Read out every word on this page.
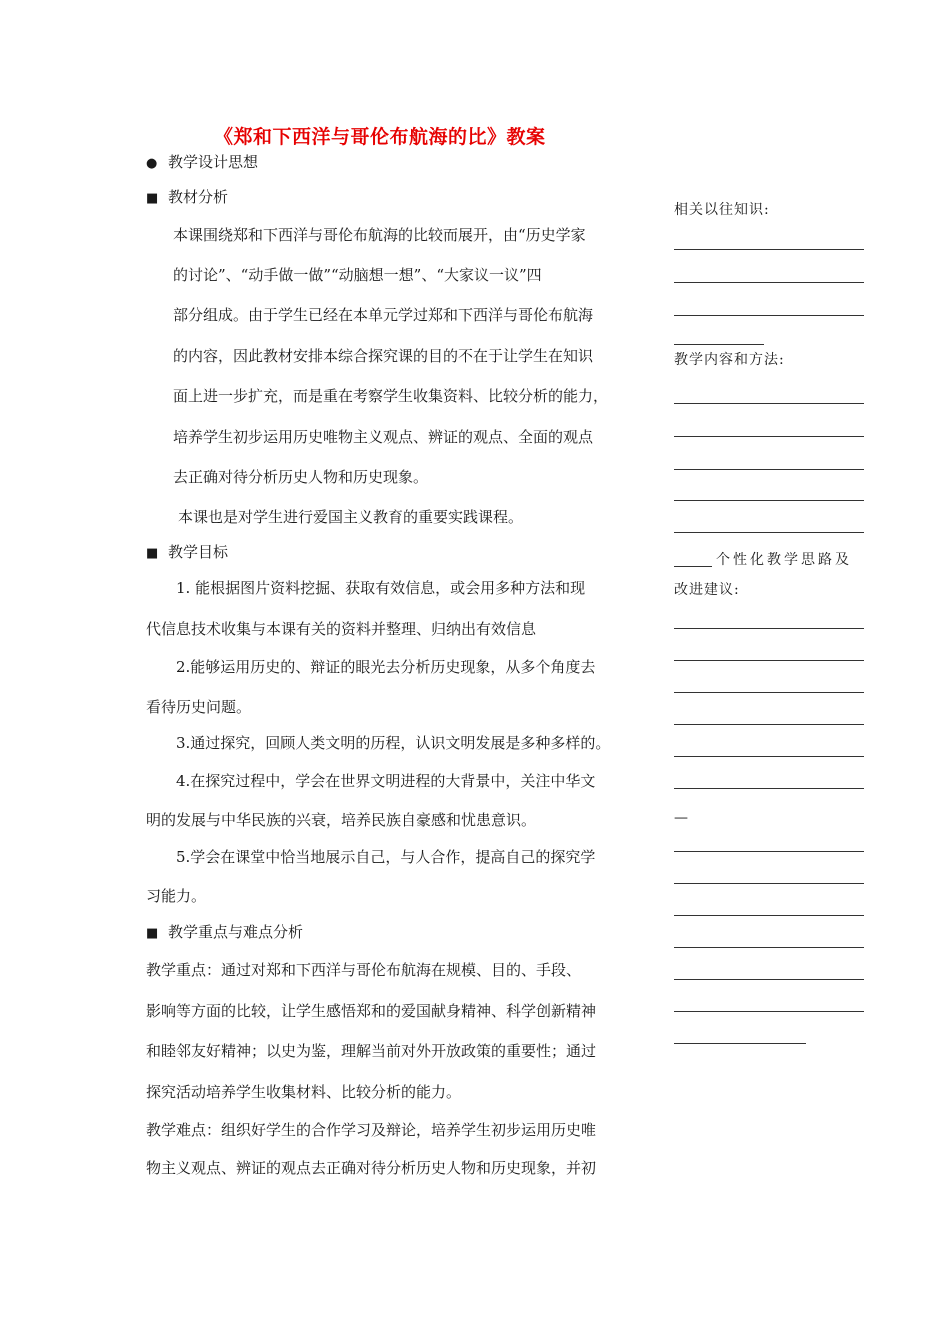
《郑和下西洋与哥伦布航海的比》教案
● 教学设计思想
■ 教材分析
本课围绕郑和下西洋与哥伦布航海的比较而展开，由“历史学家
的讨论”、“动手做一做”“动脑想一想”、“大家议一议”四
部分组成。由于学生已经在本单元学过郑和下西洋与哥伦布航海
的内容，因此教材安排本综合探究课的目的不在于让学生在知识
面上进一步扩充，而是重在考察学生收集资料、比较分析的能力，
培养学生初步运用历史唯物主义观点、辨证的观点、全面的观点
去正确对待分析历史人物和历史现象。
本课也是对学生进行爱国主义教育的重要实践课程。
■ 教学目标
1. 能根据图片资料挖掘、获取有效信息，或会用多种方法和现
代信息技术收集与本课有关的资料并整理、归纳出有效信息
2.能够运用历史的、辩证的眼光去分析历史现象，从多个角度去
看待历史问题。
3.通过探究，回顾人类文明的历程，认识文明发展是多种多样的。
4.在探究过程中，学会在世界文明进程的大背景中，关注中华文
明的发展与中华民族的兴衰，培养民族自豪感和忧患意识。
5.学会在课堂中恰当地展示自己，与人合作，提高自己的探究学
习能力。
■ 教学重点与难点分析
教学重点：通过对郑和下西洋与哥伦布航海在规模、目的、手段、
影响等方面的比较，让学生感悟郑和的爱国献身精神、科学创新精神
和睦邻友好精神；以史为鉴，理解当前对外开放政策的重要性；通过
探究活动培养学生收集材料、比较分析的能力。
教学难点：组织好学生的合作学习及辩论，培养学生初步运用历史唯
物主义观点、辨证的观点去正确对待分析历史人物和历史现象，并初
相关以往知识:
教学内容和方法:
个性化教学思路及
改进建议:
—
